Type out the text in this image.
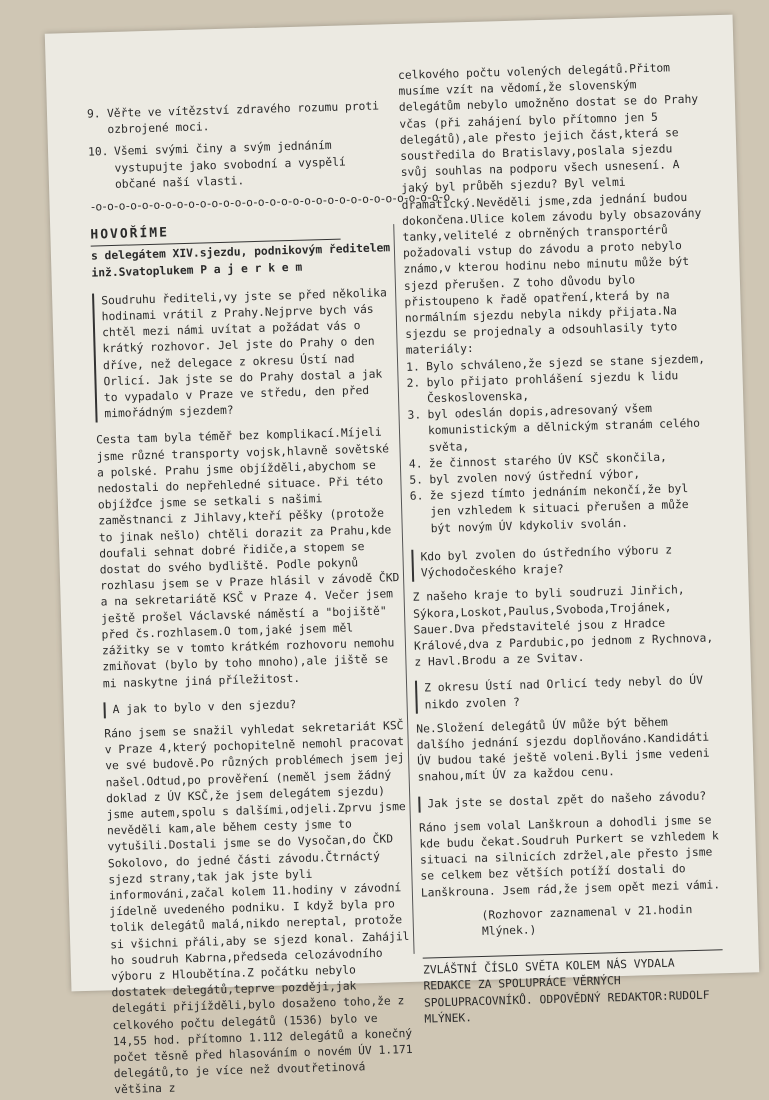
9. Věřte ve vítězství zdravého rozumu proti ozbrojené moci.
10. Všemi svými činy a svým jednáním vystupujte jako svobodní a vyspělí občané naší vlasti.
-o-o-o-o-o-o-o-o-o-o-o-o-o-o-o-o-o-o-o-o-o-o-o-o-o-o-o-o-o-o-o
HOVOŘÍME

s delegátem XIV.sjezdu, podnikovým ředitelem inž.Svatoplukem P a j e r k e m

Soudruhu řediteli,vy jste se před několika hodinami vrátil z Prahy.Nejprve bych vás chtěl mezi námi uvítat a požádat vás o krátký rozhovor. Jel jste do Prahy o den dříve, než delegace z okresu Ústí nad Orlicí. Jak jste se do Prahy dostal a jak to vypadalo v Praze ve středu, den před mimořádným sjezdem?

Cesta tam byla téměř bez komplikací.Míjeli jsme různé transporty vojsk,hlavně sovětské a polské. Prahu jsme objížděli,abychom se nedostali do nepřehledné situace. Při této objížďce jsme se setkali s našimi zaměstnanci z Jihlavy,kteří pěšky (protože to jinak nešlo) chtěli dorazit za Prahu,kde doufali sehnat dobré řidiče,a stopem se dostat do svého bydliště. Podle pokynů rozhlasu jsem se v Praze hlásil v závodě ČKD a na sekretariátě KSČ v Praze 4. Večer jsem ještě prošel Václavské náměstí a "bojiště" před čs.rozhlasem.O tom,jaké jsem měl zážitky se v tomto krátkém rozhovoru nemohu zmiňovat (bylo by toho mnoho),ale jiště se mi naskytne jiná příležitost.

A jak to bylo v den sjezdu?

Ráno jsem se snažil vyhledat sekretariát KSČ v Praze 4,který pochopitelně nemohl pracovat ve své budově.Po různých problémech jsem jej našel.Odtud,po prověření (neměl jsem žádný doklad z ÚV KSČ,že jsem delegátem sjezdu) jsme autem,spolu s dalšími,odjeli.Zprvu jsme nevěděli kam,ale během cesty jsme to vytušili.Dostali jsme se do Vysočan,do ČKD Sokolovo, do jedné části závodu.Čtrnáctý sjezd strany,tak jak jste byli informováni,začal kolem 11.hodiny v závodní jídelně uvedeného podniku. I když byla pro tolik delegátů malá,nikdo nereptal, protože si všichni přáli,aby se sjezd konal. Zahájil ho soudruh Kabrna,předseda celozávodního výboru z Hloubětína.Z počátku nebylo dostatek delegátů,teprve později,jak delegáti přijížděli,bylo dosaženo toho,že z celkového počtu delegátů (1536) bylo ve 14,55 hod. přítomno 1.112 delegátů a konečný počet těsně před hlasováním o novém ÚV 1.171 delegátů,to je více než dvoutřetinová většina z

celkového počtu volených delegátů.Přitom musíme vzít na vědomí,že slovenským delegátům nebylo umožněno dostat se do Prahy včas (při zahájení bylo přítomno jen 5 delegátů),ale přesto jejich část,která se soustředila do Bratislavy,poslala sjezdu svůj souhlas na podporu všech usnesení. A jaký byl průběh sjezdu? Byl velmi dramatický.Nevěděli jsme,zda jednání budou dokončena.Ulice kolem závodu byly obsazovány tanky,velitelé z obrněných transportérů požadovali vstup do závodu a proto nebylo známo,v kterou hodinu nebo minutu může být sjezd přerušen. Z toho důvodu bylo přistoupeno k řadě opatření,která by na normálním sjezdu nebyla nikdy přijata.Na sjezdu se projednaly a odsouhlasily tyto materiály:

1. Bylo schváleno,že sjezd se stane sjezdem,
2. bylo přijato prohlášení sjezdu k lidu Československa,
3. byl odeslán dopis,adresovaný všem komunistickým a dělnickým stranám celého světa,
4. že činnost starého ÚV KSČ skončila,
5. byl zvolen nový ústřední výbor,
6. že sjezd tímto jednáním nekončí,že byl jen vzhledem k situaci přerušen a může být novým ÚV kdykoliv svolán.

Kdo byl zvolen do ústředního výboru z Východočeského kraje?

Z našeho kraje to byli soudruzi Jinřich, Sýkora,Loskot,Paulus,Svoboda,Trojánek, Sauer.Dva představitelé jsou z Hradce Králové,dva z Pardubic,po jednom z Rychnova, z Havl.Brodu a ze Svitav.

Z okresu Ústí nad Orlicí tedy nebyl do ÚV nikdo zvolen ?

Ne.Složení delegátů ÚV může být během dalšího jednání sjezdu doplňováno.Kandidáti ÚV budou také ještě voleni.Byli jsme vedeni snahou,mít ÚV za každou cenu.

Jak jste se dostal zpět do našeho závodu?

Ráno jsem volal Lanškroun a dohodli jsme se kde budu čekat.Soudruh Purkert se vzhledem k situaci na silnicích zdržel,ale přesto jsme se celkem bez větších potíží dostali do Lanškrouna. Jsem rád,že jsem opět mezi vámi.

(Rozhovor zaznamenal v 21.hodin Mlýnek.)

ZVLÁŠTNÍ ČÍSLO SVĚTA KOLEM NÁS VYDALA REDAKCE ZA SPOLUPRÁCE VĚRNÝCH SPOLUPRACOVNÍKŮ. ODPOVĚDNÝ REDAKTOR:RUDOLF MLÝNEK.
